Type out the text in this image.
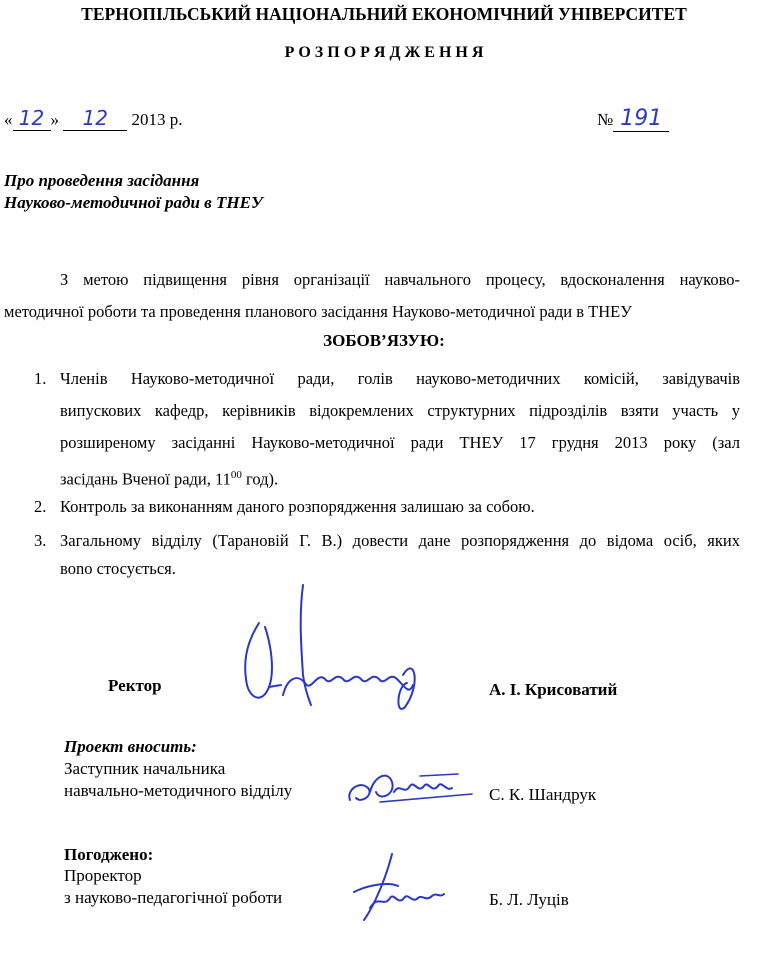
ТЕРНОПІЛЬСЬКИЙ НАЦІОНАЛЬНИЙ ЕКОНОМІЧНИЙ УНІВЕРСИТЕТ
Р О З П О Р Я Д Ж Е Н Н Я
« 12 » 12 2013 р.	№ 191
Про проведення засідання
Науково-методичної ради в ТНЕУ
З метою підвищення рівня організації навчального процесу, вдосконалення науково-
методичної роботи та проведення планового засідання Науково-методичної ради в ТНЕУ
ЗОБОВ’ЯЗУЮ:
1. Членів Науково-методичної ради, голів науково-методичних комісій, завідувачів
випускових кафедр, керівників відокремлених структурних підрозділів взяти участь у
розширеному засіданні Науково-методичної ради ТНЕУ 17 грудня 2013 року (зал
засідань Вченої ради, $11^{00}$ год).
2. Контроль за виконанням даного розпорядження залишаю за собою.
3. Загальному відділу (Тарановій Г. В.) довести дане розпорядження до відома осіб, яких
вono стосується.
Ректор	А. І. Крисоватий
Проект вносить:
Заступник начальника
навчально-методичного відділу	С. К. Шандрук
Погоджено:
Проректор
з науково-педагогічної роботи	Б. Л. Луців
